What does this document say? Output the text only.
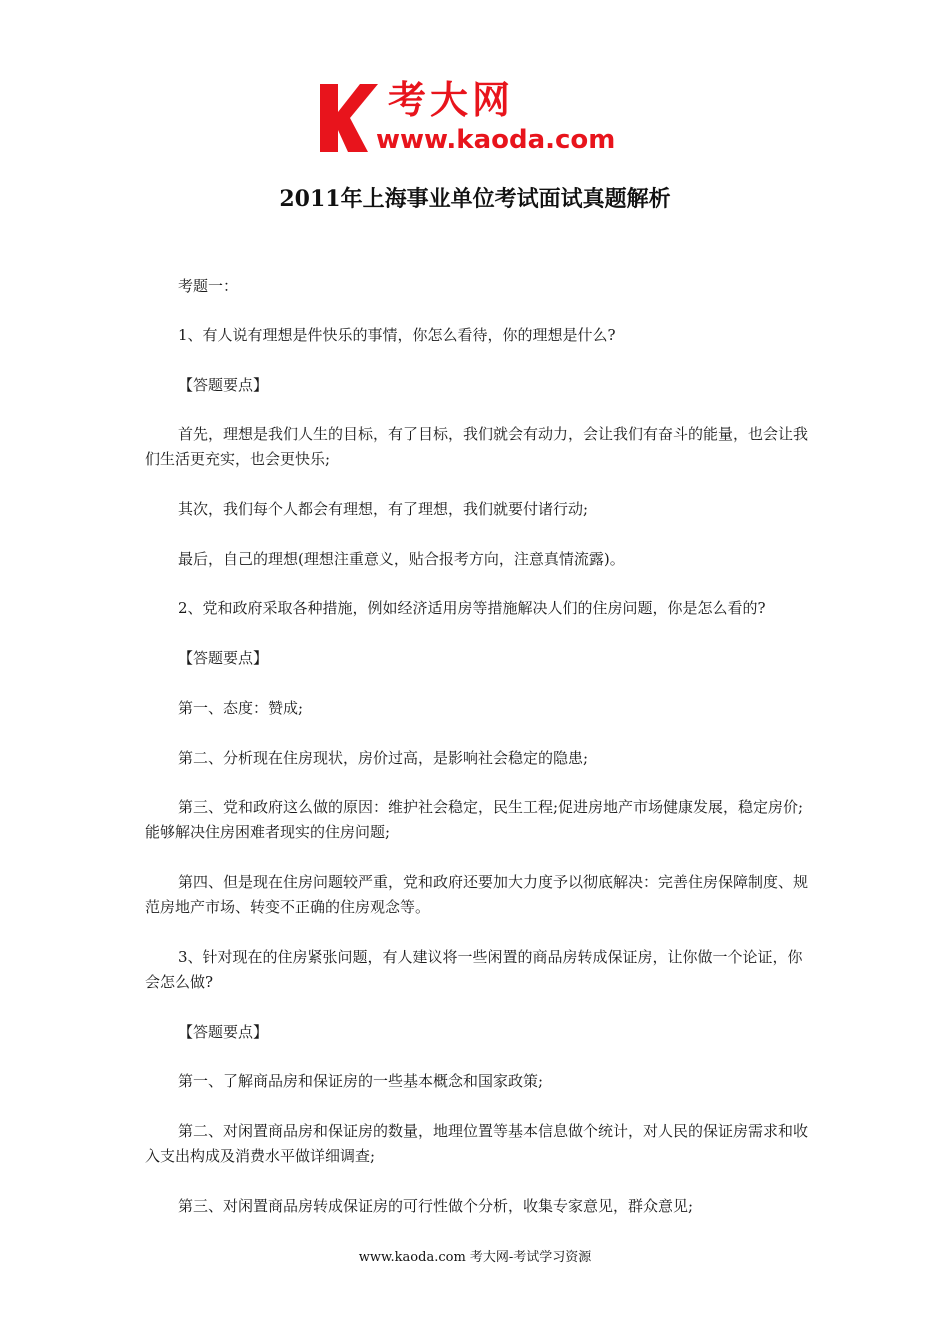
考大网
www.kaoda.com
2011年上海事业单位考试面试真题解析

考题一：

1、有人说有理想是件快乐的事情，你怎么看待，你的理想是什么?

【答题要点】

首先，理想是我们人生的目标，有了目标，我们就会有动力，会让我们有奋斗的能量，也会让我们生活更充实，也会更快乐;

其次，我们每个人都会有理想，有了理想，我们就要付诸行动;

最后，自己的理想(理想注重意义，贴合报考方向，注意真情流露)。

2、党和政府采取各种措施，例如经济适用房等措施解决人们的住房问题，你是怎么看的?

【答题要点】

第一、态度：赞成;

第二、分析现在住房现状，房价过高，是影响社会稳定的隐患;

第三、党和政府这么做的原因：维护社会稳定，民生工程;促进房地产市场健康发展，稳定房价;能够解决住房困难者现实的住房问题;

第四、但是现在住房问题较严重，党和政府还要加大力度予以彻底解决：完善住房保障制度、规范房地产市场、转变不正确的住房观念等。

3、针对现在的住房紧张问题，有人建议将一些闲置的商品房转成保证房，让你做一个论证，你会怎么做?

【答题要点】

第一、了解商品房和保证房的一些基本概念和国家政策;

第二、对闲置商品房和保证房的数量，地理位置等基本信息做个统计，对人民的保证房需求和收入支出构成及消费水平做详细调查;

第三、对闲置商品房转成保证房的可行性做个分析，收集专家意见，群众意见;

www.kaoda.com 考大网-考试学习资源
